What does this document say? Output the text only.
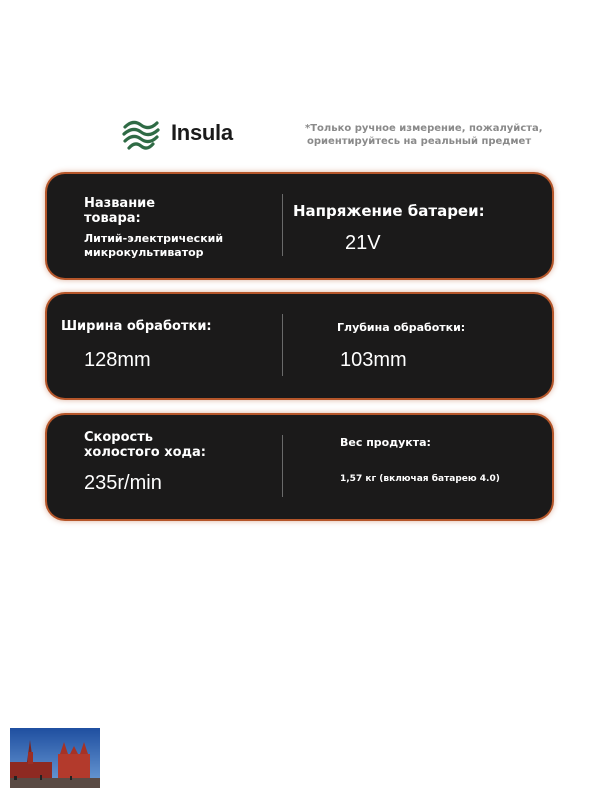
Insula	*Только ручное измерение, пожалуйста,
ориентируйтесь на реальный предмет
Название
товара:
Литий-электрический
микрокультиватор
Напряжение батареи:
21V
Ширина обработки:
128mm
Глубина обработки:
103mm
Скорость
холостого хода:
235r/min
Вес продукта:
1,57 кг (включая батарею 4.0)
